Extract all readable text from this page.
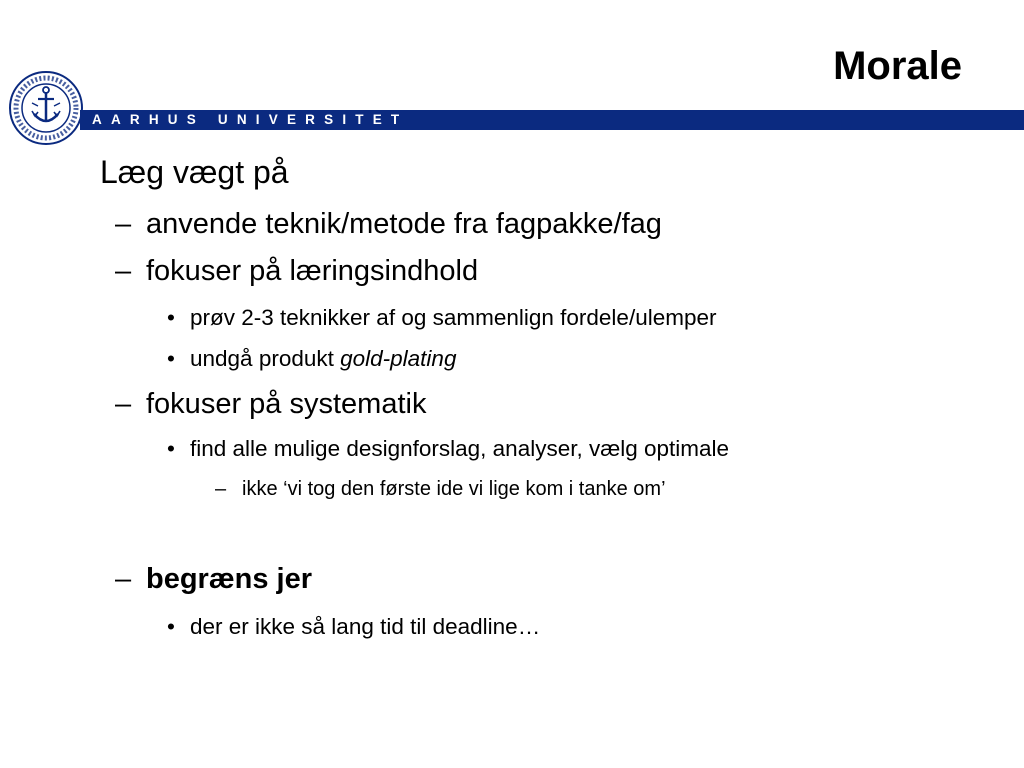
Morale
AARHUS UNIVERSITET
Læg vægt på
– anvende teknik/metode fra fagpakke/fag
– fokuser på læringsindhold
• prøv 2-3 teknikker af og sammenlign fordele/ulemper
• undgå produkt gold-plating
– fokuser på systematik
• find alle mulige designforslag, analyser, vælg optimale
– ikke ‘vi tog den første ide vi lige kom i tanke om’
– begræns jer
• der er ikke så lang tid til deadline…
